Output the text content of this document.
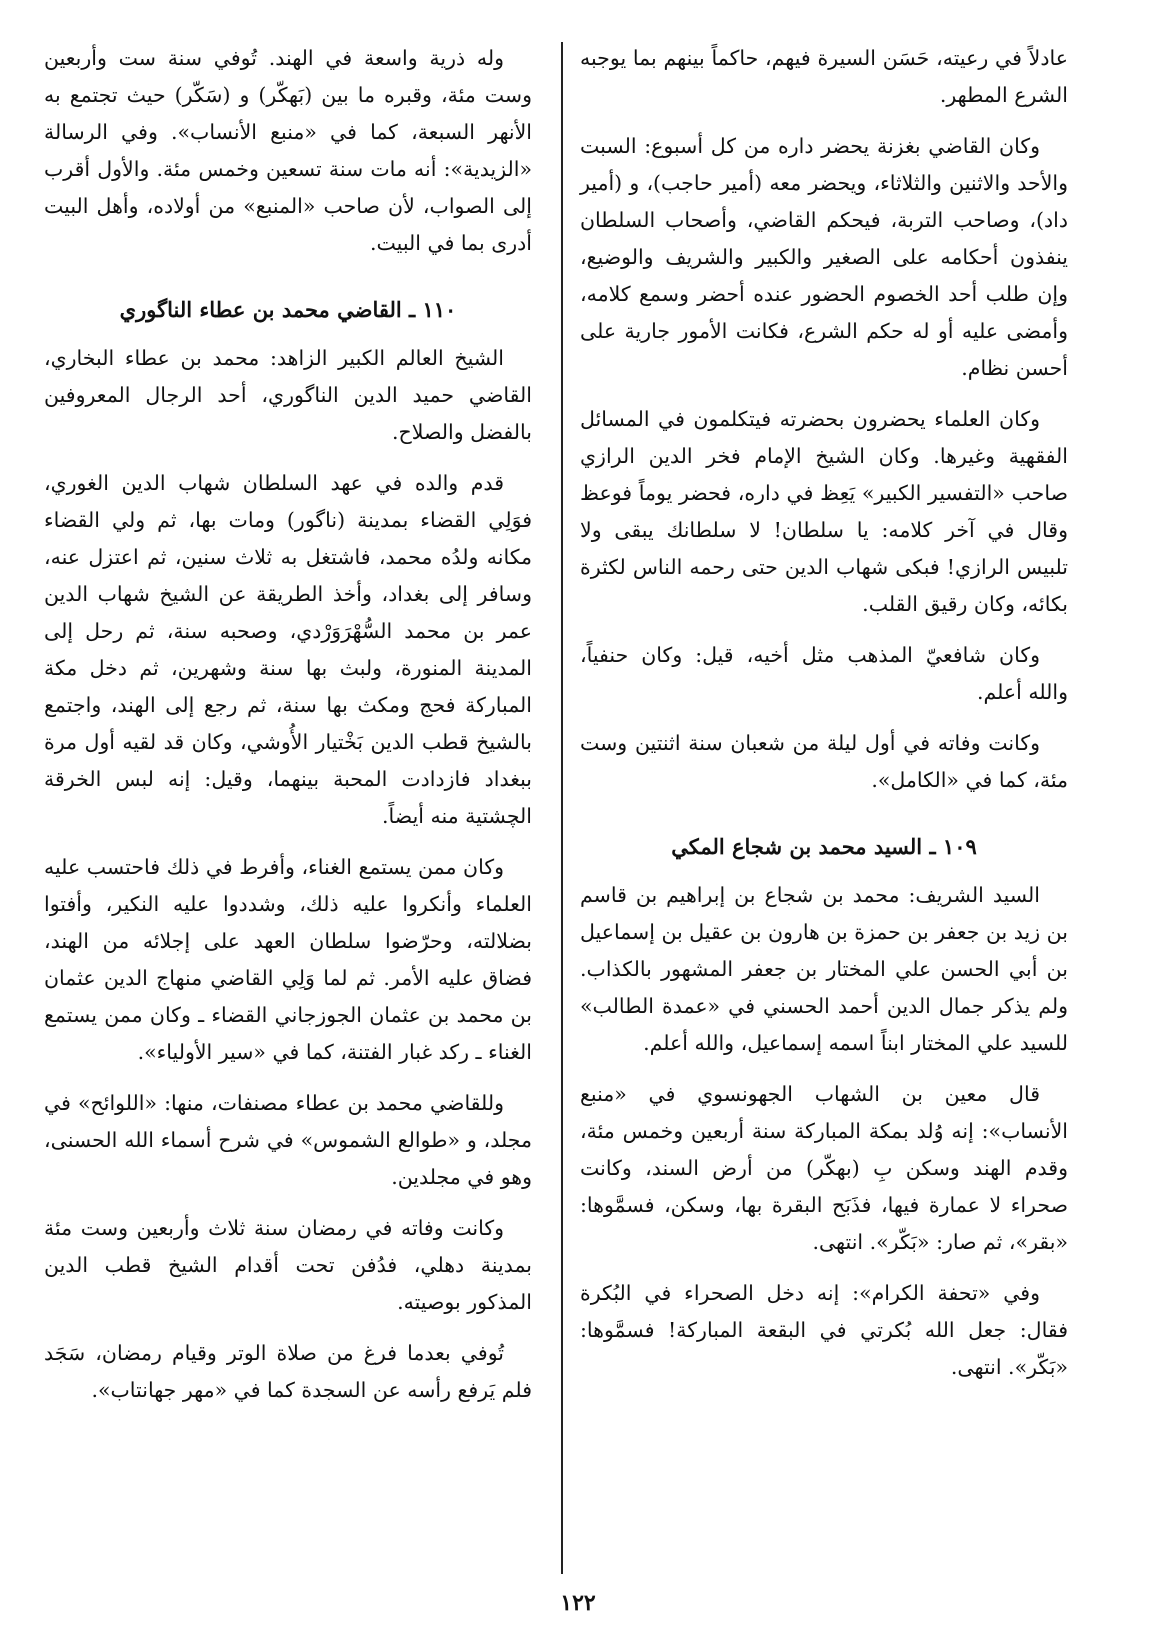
عادلاً في رعيته، حَسَن السيرة فيهم، حاكماً بينهم بما يوجبه الشرع المطهر.

وكان القاضي بغزنة يحضر داره من كل أسبوع: السبت والأحد والاثنين والثلاثاء، ويحضر معه (أمير حاجب)، و (أمير داد)، وصاحب التربة، فيحكم القاضي، وأصحاب السلطان ينفذون أحكامه على الصغير والكبير والشريف والوضيع، وإن طلب أحد الخصوم الحضور عنده أحضر وسمع كلامه، وأمضى عليه أو له حكم الشرع، فكانت الأمور جارية على أحسن نظام.

وكان العلماء يحضرون بحضرته فيتكلمون في المسائل الفقهية وغيرها. وكان الشيخ الإمام فخر الدين الرازي صاحب «التفسير الكبير» يَعِظ في داره، فحضر يوماً فوعظ وقال في آخر كلامه: يا سلطان! لا سلطانك يبقى ولا تلبيس الرازي! فبكى شهاب الدين حتى رحمه الناس لكثرة بكائه، وكان رقيق القلب.

وكان شافعيّ المذهب مثل أخيه، قيل: وكان حنفياً، والله أعلم.

وكانت وفاته في أول ليلة من شعبان سنة اثنتين وست مئة، كما في «الكامل».

١٠٩ ـ السيد محمد بن شجاع المكي

السيد الشريف: محمد بن شجاع بن إبراهيم بن قاسم بن زيد بن جعفر بن حمزة بن هارون بن عقيل بن إسماعيل بن أبي الحسن علي المختار بن جعفر المشهور بالكذاب. ولم يذكر جمال الدين أحمد الحسني في «عمدة الطالب» للسيد علي المختار ابناً اسمه إسماعيل، والله أعلم.

قال معين بن الشهاب الجهونسوي في «منبع الأنساب»: إنه وُلد بمكة المباركة سنة أربعين وخمس مئة، وقدم الهند وسكن بِ (بهكّر) من أرض السند، وكانت صحراء لا عمارة فيها، فذَبَح البقرة بها، وسكن، فسمَّوها: «بقر»، ثم صار: «بَكّر». انتهى.

وفي «تحفة الكرام»: إنه دخل الصحراء في البُكرة فقال: جعل الله بُكرتي في البقعة المباركة! فسمَّوها: «بَكّر». انتهى.

وله ذرية واسعة في الهند. تُوفي سنة ست وأربعين وست مئة، وقبره ما بين (بَهكّر) و (سَكّر) حيث تجتمع به الأنهر السبعة، كما في «منبع الأنساب». وفي الرسالة «الزيدية»: أنه مات سنة تسعين وخمس مئة. والأول أقرب إلى الصواب، لأن صاحب «المنبع» من أولاده، وأهل البيت أدرى بما في البيت.

١١٠ ـ القاضي محمد بن عطاء الناگوري

الشيخ العالم الكبير الزاهد: محمد بن عطاء البخاري، القاضي حميد الدين الناگوري، أحد الرجال المعروفين بالفضل والصلاح.

قدم والده في عهد السلطان شهاب الدين الغوري، فوَلِي القضاء بمدينة (ناگور) ومات بها، ثم ولي القضاء مكانه ولدُه محمد، فاشتغل به ثلاث سنين، ثم اعتزل عنه، وسافر إلى بغداد، وأخذ الطريقة عن الشيخ شهاب الدين عمر بن محمد السُّهْرَوَرْدي، وصحبه سنة، ثم رحل إلى المدينة المنورة، ولبث بها سنة وشهرين، ثم دخل مكة المباركة فحج ومكث بها سنة، ثم رجع إلى الهند، واجتمع بالشيخ قطب الدين بَخْتيار الأُوشي، وكان قد لقيه أول مرة ببغداد فازدادت المحبة بينهما، وقيل: إنه لبس الخرقة الچشتية منه أيضاً.

وكان ممن يستمع الغناء، وأفرط في ذلك فاحتسب عليه العلماء وأنكروا عليه ذلك، وشددوا عليه النكير، وأفتوا بضلالته، وحرّضوا سلطان العهد على إجلائه من الهند، فضاق عليه الأمر. ثم لما وَلِي القاضي منهاج الدين عثمان بن محمد بن عثمان الجوزجاني القضاء ـ وكان ممن يستمع الغناء ـ ركد غبار الفتنة، كما في «سير الأولياء».

وللقاضي محمد بن عطاء مصنفات، منها: «اللوائح» في مجلد، و «طوالع الشموس» في شرح أسماء الله الحسنى، وهو في مجلدين.

وكانت وفاته في رمضان سنة ثلاث وأربعين وست مئة بمدينة دهلي، فدُفن تحت أقدام الشيخ قطب الدين المذكور بوصيته.

تُوفي بعدما فرغ من صلاة الوتر وقيام رمضان، سَجَد فلم يَرفع رأسه عن السجدة كما في «مهر جهانتاب».

١٢٢
